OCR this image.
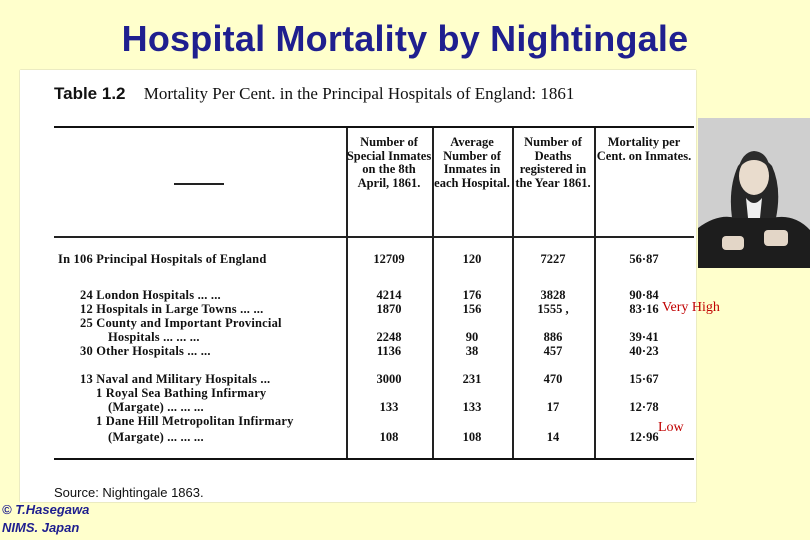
Hospital Mortality by Nightingale
Table 1.2 Mortality Per Cent. in the Principal Hospitals of England: 1861
Number of Special Inmates on the 8th April, 1861.
Average Number of Inmates in each Hospital.
Number of Deaths registered in the Year 1861.
Mortality per Cent. on Inmates.
In 106 Principal Hospitals of England	12709	120	7227	56·87
24 London Hospitals ... ...	4214	176	3828	90·84
12 Hospitals in Large Towns ... ...	1870	156	1555 ,	83·16
25 County and Important Provincial
Hospitals ... ... ...	2248	90	886	39·41
30 Other Hospitals ... ...	1136	38	457	40·23
13 Naval and Military Hospitals ...	3000	231	470	15·67
1 Royal Sea Bathing Infirmary
(Margate) ... ... ...	133	133	17	12·78
1 Dane Hill Metropolitan Infirmary
(Margate) ... ... ...	108	108	14	12·96
Source: Nightingale 1863.
Very High
Low
© T.Hasegawa
NIMS. Japan
